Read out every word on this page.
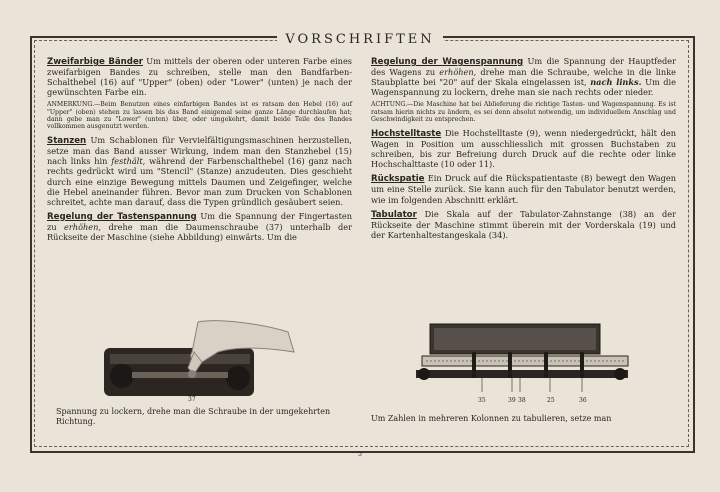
VORSCHRIFTEN

Zweifarbige Bänder Um mittels der oberen oder unteren Farbe eines zweifarbigen Bandes zu schreiben, stelle man den Bandfarben-Schalthebel (16) auf "Upper" (oben) oder "Lower" (unten) je nach der gewünschten Farbe ein.

ANMERKUNG.—Beim Benutzen eines einfarbigen Bandes ist es ratsam den Hebel (16) auf "Upper" (oben) stehen zu lassen bis das Band einigemal seine ganze Länge durchlaufen hat; dann gebe man zu "Lower" (unten) über, oder umgekehrt, damit beide Teile des Bandes vollkommen ausgenutzt werden.

Stanzen Um Schablonen für Vervielfältigungsmaschinen herzustellen, setze man das Band ausser Wirkung, indem man den Stanzhebel (15) nach links hin festhält, während der Farbenschalthebel (16) ganz nach rechts gedrückt wird um "Stencil" (Stanze) anzudeuten. Dies geschieht durch eine einzige Bewegung mittels Daumen und Zeigefinger, welche die Hebel aneinander führen. Bevor man zum Drucken von Schablonen schreitet, achte man darauf, dass die Typen gründlich gesäubert seien.

Regelung der Tastenspannung Um die Spannung der Fingertasten zu erhöhen, drehe man die Daumenschraube (37) unterhalb der Rückseite der Maschine (siehe Abbildung) einwärts. Um die

37
Spannung zu lockern, drehe man die Schraube in der umgekehrten Richtung.

Regelung der Wagenspannung Um die Spannung der Hauptfeder des Wagens zu erhöhen, drehe man die Schraube, welche in die linke Staubplatte bei "20" auf der Skala eingelassen ist, nach links. Um die Wagenspannung zu lockern, drehe man sie nach rechts oder nieder.

ACHTUNG.—Die Maschine hat bei Ablieferung die richtige Tasten- und Wagenspannung. Es ist ratsam hierin nichts zu ändern, es sei denn absolut notwendig, um individuellem Anschlag und Geschwindigkeit zu entsprechen.

Hochstelltaste Die Hochstelltaste (9), wenn niedergedrückt, hält den Wagen in Position um ausschliesslich mit grossen Buchstaben zu schreiben, bis zur Befreiung durch Druck auf die rechte oder linke Hochschalttaste (10 oder 11).

Rückspatie Ein Druck auf die Rückspatientaste (8) bewegt den Wagen um eine Stelle zurück. Sie kann auch für den Tabulator benutzt werden, wie im folgenden Abschnitt erklärt.

Tabulator Die Skala auf der Tabulator-Zahnstange (38) an der Rückseite der Maschine stimmt überein mit der Vorderskala (19) und der Kartenhaltestangeskala (34).

35	39 38	25	36
Um Zahlen in mehreren Kolonnen zu tabulieren, setze man
5
